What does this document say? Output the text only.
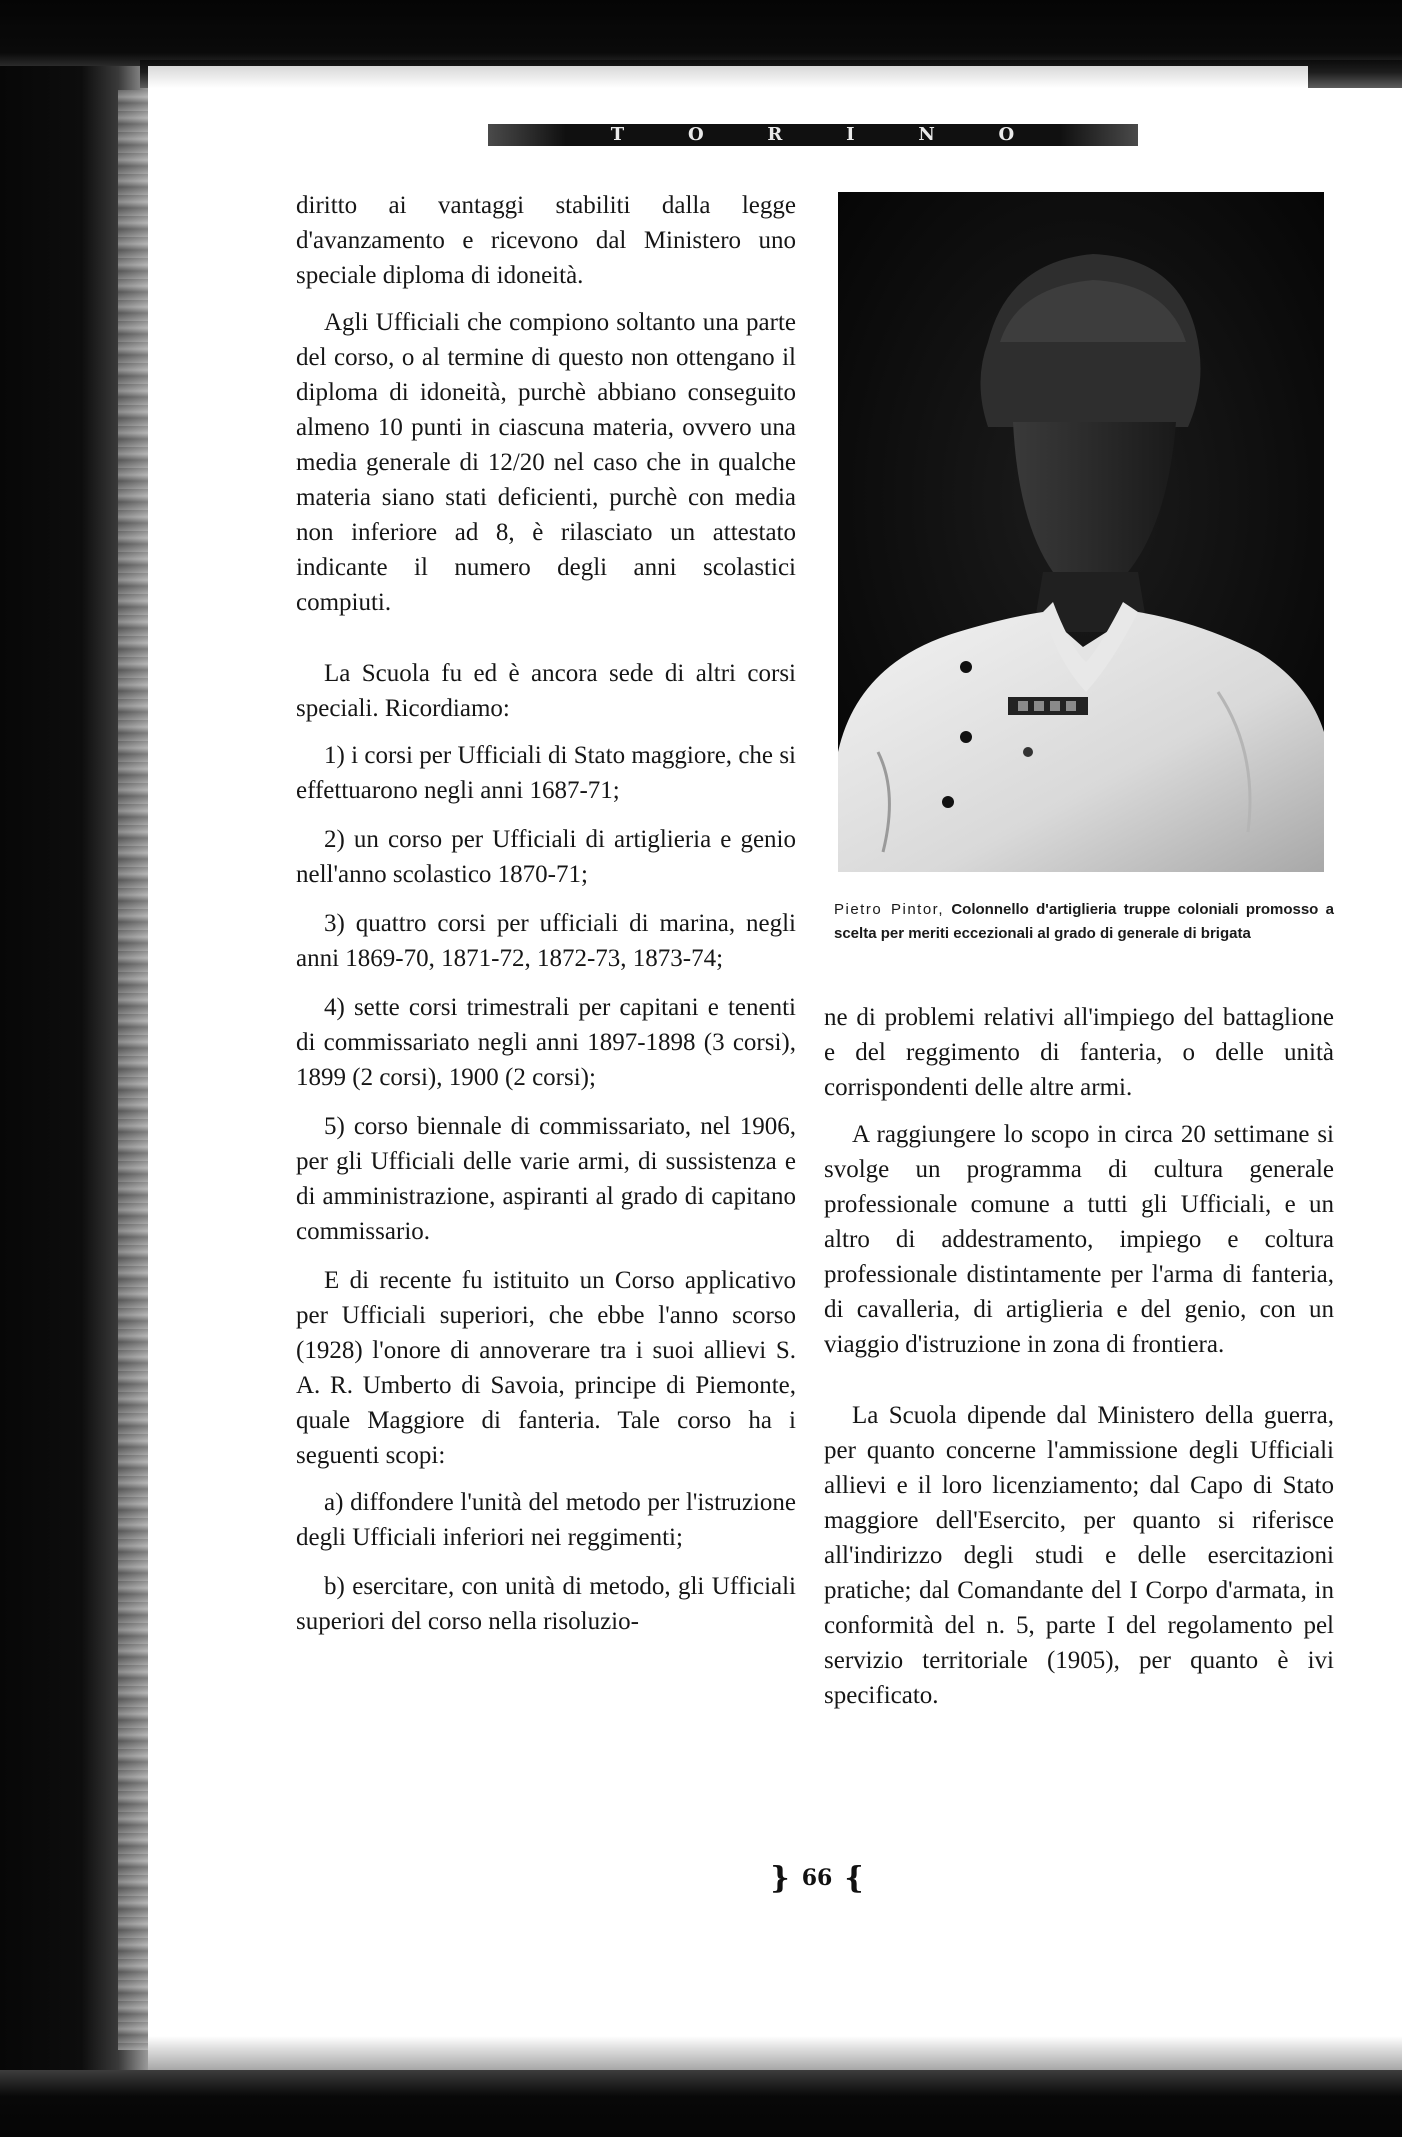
T	O	R	I	N	O

diritto ai vantaggi stabiliti dalla legge d'avanzamento e ricevono dal Ministero uno speciale diploma di idoneità.

Agli Ufficiali che compiono soltanto una parte del corso, o al termine di questo non ottengano il diploma di idoneità, purchè abbiano conseguito almeno 10 punti in ciascuna materia, ovvero una media generale di 12/20 nel caso che in qualche materia siano stati deficienti, purchè con media non inferiore ad 8, è rilasciato un attestato indicante il numero degli anni scolastici compiuti.

La Scuola fu ed è ancora sede di altri corsi speciali. Ricordiamo:

1) i corsi per Ufficiali di Stato maggiore, che si effettuarono negli anni 1687-71;

2) un corso per Ufficiali di artiglieria e genio nell'anno scolastico 1870-71;

3) quattro corsi per ufficiali di marina, negli anni 1869-70, 1871-72, 1872-73, 1873-74;

4) sette corsi trimestrali per capitani e tenenti di commissariato negli anni 1897-1898 (3 corsi), 1899 (2 corsi), 1900 (2 corsi);

5) corso biennale di commissariato, nel 1906, per gli Ufficiali delle varie armi, di sussistenza e di amministrazione, aspiranti al grado di capitano commissario.

E di recente fu istituito un Corso applicativo per Ufficiali superiori, che ebbe l'anno scorso (1928) l'onore di annoverare tra i suoi allievi S. A. R. Umberto di Savoia, principe di Piemonte, quale Maggiore di fanteria. Tale corso ha i seguenti scopi:

a) diffondere l'unità del metodo per l'istruzione degli Ufficiali inferiori nei reggimenti;

b) esercitare, con unità di metodo, gli Ufficiali superiori del corso nella risoluzio-

Pietro Pintor, Colonnello d'artiglieria truppe coloniali promosso a scelta per meriti eccezionali al grado di generale di brigata

ne di problemi relativi all'impiego del battaglione e del reggimento di fanteria, o delle unità corrispondenti delle altre armi.

A raggiungere lo scopo in circa 20 settimane si svolge un programma di cultura generale professionale comune a tutti gli Ufficiali, e un altro di addestramento, impiego e coltura professionale distintamente per l'arma di fanteria, di cavalleria, di artiglieria e del genio, con un viaggio d'istruzione in zona di frontiera.

La Scuola dipende dal Ministero della guerra, per quanto concerne l'ammissione degli Ufficiali allievi e il loro licenziamento; dal Capo di Stato maggiore dell'Esercito, per quanto si riferisce all'indirizzo degli studi e delle esercitazioni pratiche; dal Comandante del I Corpo d'armata, in conformità del n. 5, parte I del regolamento pel servizio territoriale (1905), per quanto è ivi specificato.

} 66 {
